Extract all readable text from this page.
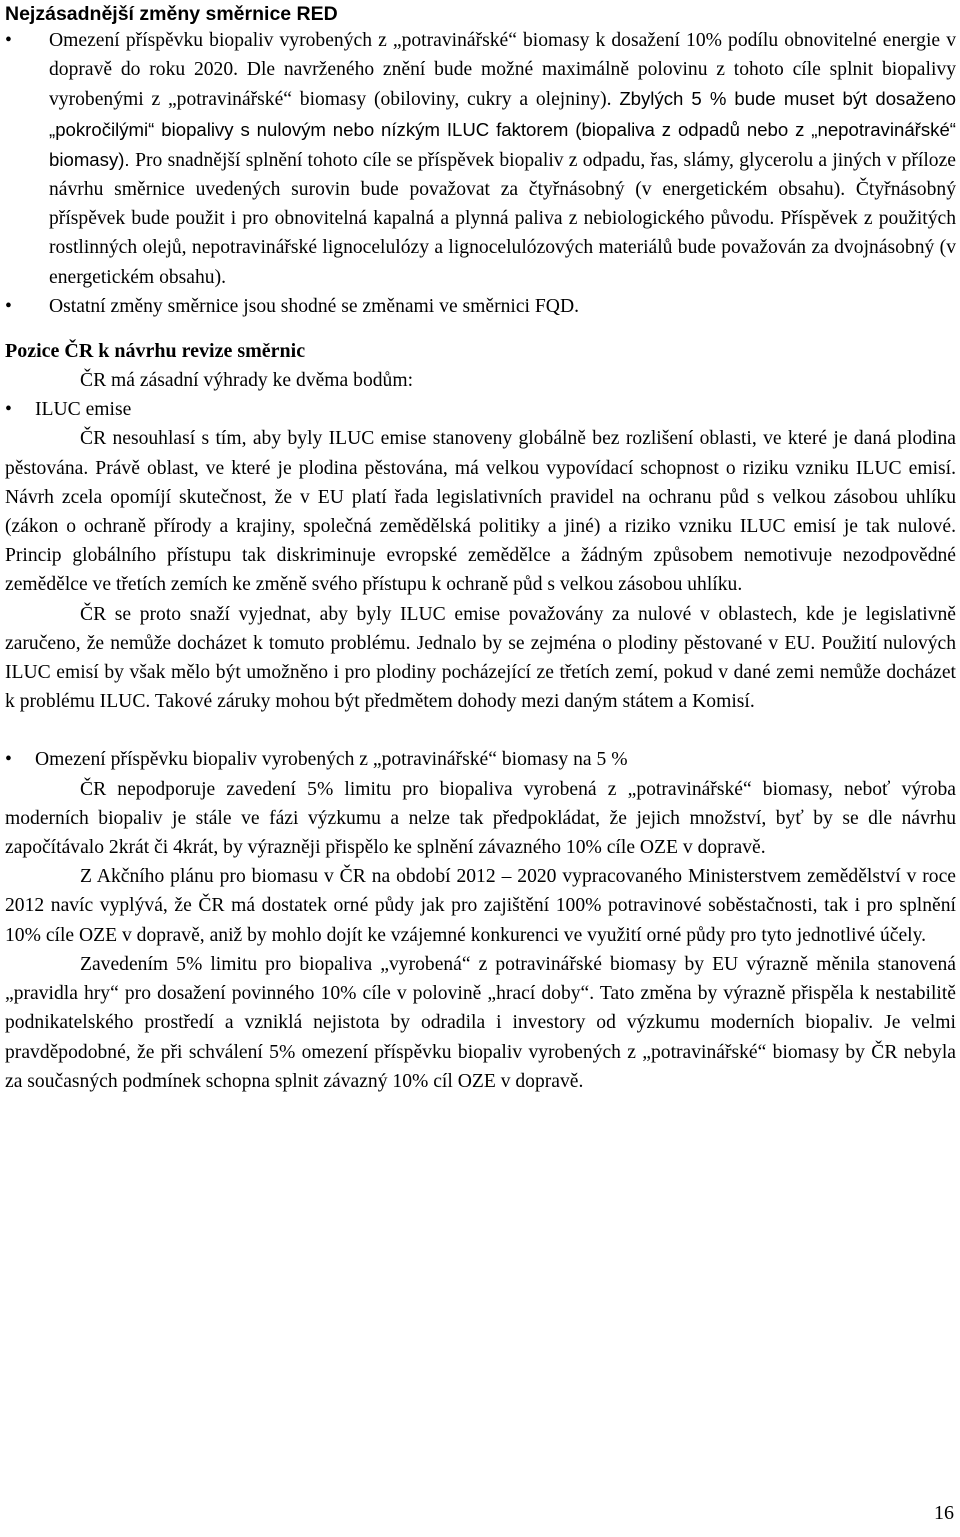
Nejzásadnější změny směrnice RED
•	Omezení příspěvku biopaliv vyrobených z „potravinářské“ biomasy k dosažení 10% podílu obnovitelné energie v dopravě do roku 2020. Dle navrženého znění bude možné maximálně polovinu z tohoto cíle splnit biopalivy vyrobenými z „potravinářské“ biomasy (obiloviny, cukry a olejniny). Zbylých 5 % bude muset být dosaženo „pokročilými“ biopalivy s nulovým nebo nízkým ILUC faktorem (biopaliva z odpadů nebo z „nepotravinářské“ biomasy). Pro snadnější splnění tohoto cíle se příspěvek biopaliv z odpadu, řas, slámy, glycerolu a jiných v příloze návrhu směrnice uvedených surovin bude považovat za čtyřnásobný (v energetickém obsahu). Čtyřnásobný příspěvek bude použit i pro obnovitelná kapalná a plynná paliva z nebiologického původu. Příspěvek z použitých rostlinných olejů, nepotravinářské lignocelulózy a lignocelulózových materiálů bude považován za dvojnásobný (v energetickém obsahu).
•	Ostatní změny směrnice jsou shodné se změnami ve směrnici FQD.
Pozice ČR k návrhu revize směrnic

ČR má zásadní výhrady ke dvěma bodům:

• ILUC emise

ČR nesouhlasí s tím, aby byly ILUC emise stanoveny globálně bez rozlišení oblasti, ve které je daná plodina pěstována. Právě oblast, ve které je plodina pěstována, má velkou vypovídací schopnost o riziku vzniku ILUC emisí. Návrh zcela opomíjí skutečnost, že v EU platí řada legislativních pravidel na ochranu půd s velkou zásobou uhlíku (zákon o ochraně přírody a krajiny, společná zemědělská politiky a jiné) a riziko vzniku ILUC emisí je tak nulové. Princip globálního přístupu tak diskriminuje evropské zemědělce a žádným způsobem nemotivuje nezodpovědné zemědělce ve třetích zemích ke změně svého přístupu k ochraně půd s velkou zásobou uhlíku.

ČR se proto snaží vyjednat, aby byly ILUC emise považovány za nulové v oblastech, kde je legislativně zaručeno, že nemůže docházet k tomuto problému. Jednalo by se zejména o plodiny pěstované v EU. Použití nulových ILUC emisí by však mělo být umožněno i pro plodiny pocházející ze třetích zemí, pokud v dané zemi nemůže docházet k problému ILUC. Takové záruky mohou být předmětem dohody mezi daným státem a Komisí.

• Omezení příspěvku biopaliv vyrobených z „potravinářské“ biomasy na 5 %

ČR nepodporuje zavedení 5% limitu pro biopaliva vyrobená z „potravinářské“ biomasy, neboť výroba moderních biopaliv je stále ve fázi výzkumu a nelze tak předpokládat, že jejich množství, byť by se dle návrhu započítávalo 2krát či 4krát, by výrazněji přispělo ke splnění závazného 10% cíle OZE v dopravě.

Z Akčního plánu pro biomasu v ČR na období 2012 – 2020 vypracovaného Ministerstvem zemědělství v roce 2012 navíc vyplývá, že ČR má dostatek orné půdy jak pro zajištění 100% potravinové soběstačnosti, tak i pro splnění 10% cíle OZE v dopravě, aniž by mohlo dojít ke vzájemné konkurenci ve využití orné půdy pro tyto jednotlivé účely.

Zavedením 5% limitu pro biopaliva „vyrobená“ z potravinářské biomasy by EU výrazně měnila stanovená „pravidla hry“ pro dosažení povinného 10% cíle v polovině „hrací doby“. Tato změna by výrazně přispěla k nestabilitě podnikatelského prostředí a vzniklá nejistota by odradila i investory od výzkumu moderních biopaliv. Je velmi pravděpodobné, že při schválení 5% omezení příspěvku biopaliv vyrobených z „potravinářské“ biomasy by ČR nebyla za současných podmínek schopna splnit závazný 10% cíl OZE v dopravě.

16
